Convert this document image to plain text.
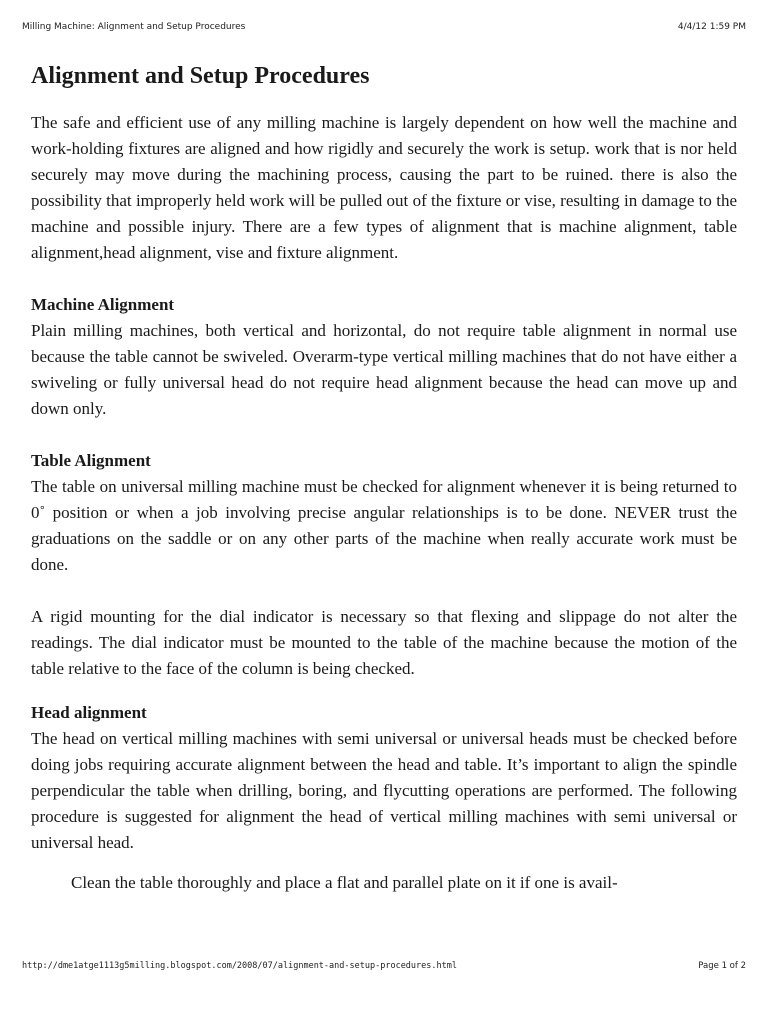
Milling Machine: Alignment and Setup Procedures	4/4/12 1:59 PM
Alignment and Setup Procedures

The safe and efficient use of any milling machine is largely dependent on how well the machine and work-holding fixtures are aligned and how rigidly and securely the work is setup. work that is nor held securely may move during the machining process, causing the part to be ruined. there is also the possibility that improperly held work will be pulled out of the fixture or vise, resulting in damage to the machine and possible injury. There are a few types of alignment that is machine alignment, table alignment,head alignment, vise and fixture alignment.

Machine Alignment

Plain milling machines, both vertical and horizontal, do not require table alignment in normal use because the table cannot be swiveled. Overarm-type vertical milling machines that do not have either a swiveling or fully universal head do not require head alignment because the head can move up and down only.

Table Alignment

The table on universal milling machine must be checked for alignment whenever it is being returned to 0˚ position or when a job involving precise angular relationships is to be done. NEVER trust the graduations on the saddle or on any other parts of the machine when really accurate work must be done.

A rigid mounting for the dial indicator is necessary so that flexing and slippage do not alter the readings. The dial indicator must be mounted to the table of the machine because the motion of the table relative to the face of the column is being checked.

Head alignment

The head on vertical milling machines with semi universal or universal heads must be checked before doing jobs requiring accurate alignment between the head and table. It’s important to align the spindle perpendicular the table when drilling, boring, and flycutting operations are performed. The following procedure is suggested for alignment the head of vertical milling machines with semi universal or universal head.

1. Clean the table thoroughly and place a flat and parallel plate on it if one is avail-
http://dme1atge1113g5milling.blogspot.com/2008/07/alignment-and-setup-procedures.html	Page 1 of 2
